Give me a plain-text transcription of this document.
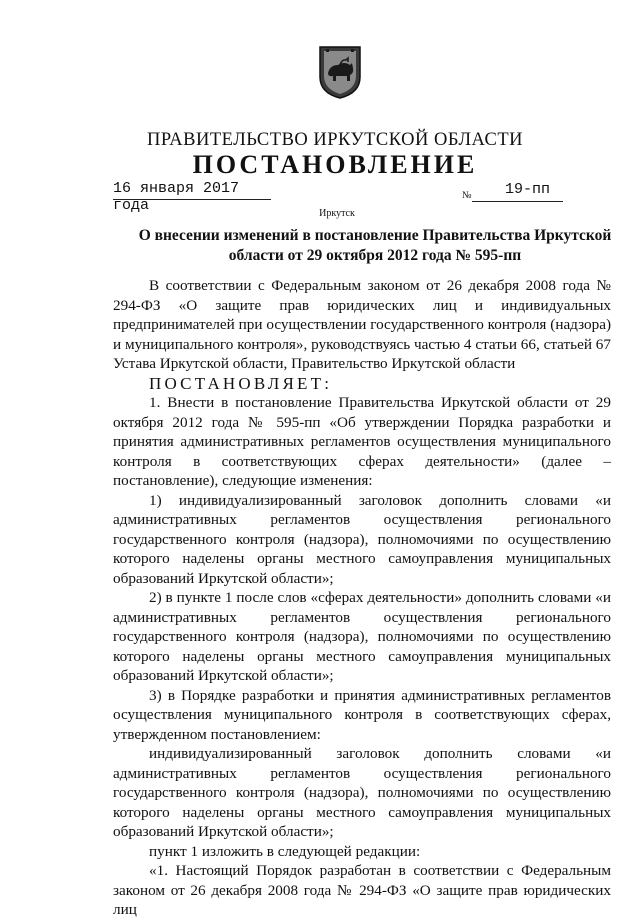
ПРАВИТЕЛЬСТВО ИРКУТСКОЙ ОБЛАСТИ
ПОСТАНОВЛЕНИЕ
16 января 2017 года
№ 19-пп
Иркутск
О внесении изменений в постановление Правительства Иркутской области от 29 октября 2012 года № 595-пп

В соответствии с Федеральным законом от 26 декабря 2008 года № 294-ФЗ «О защите прав юридических лиц и индивидуальных предпринимателей при осуществлении государственного контроля (надзора) и муниципального контроля», руководствуясь частью 4 статьи 66, статьей 67 Устава Иркутской области, Правительство Иркутской области

ПОСТАНОВЛЯЕТ:

1. Внести в постановление Правительства Иркутской области от 29 октября 2012 года № 595-пп «Об утверждении Порядка разработки и принятия административных регламентов осуществления муниципального контроля в соответствующих сферах деятельности» (далее – постановление), следующие изменения:

1) индивидуализированный заголовок дополнить словами «и административных регламентов осуществления регионального государственного контроля (надзора), полномочиями по осуществлению которого наделены органы местного самоуправления муниципальных образований Иркутской области»;

2) в пункте 1 после слов «сферах деятельности» дополнить словами «и административных регламентов осуществления регионального государственного контроля (надзора), полномочиями по осуществлению которого наделены органы местного самоуправления муниципальных образований Иркутской области»;

3) в Порядке разработки и принятия административных регламентов осуществления муниципального контроля в соответствующих сферах, утвержденном постановлением:

индивидуализированный заголовок дополнить словами «и административных регламентов осуществления регионального государственного контроля (надзора), полномочиями по осуществлению которого наделены органы местного самоуправления муниципальных образований Иркутской области»;

пункт 1 изложить в следующей редакции:

«1. Настоящий Порядок разработан в соответствии с Федеральным законом от 26 декабря 2008 года № 294-ФЗ «О защите прав юридических лиц
